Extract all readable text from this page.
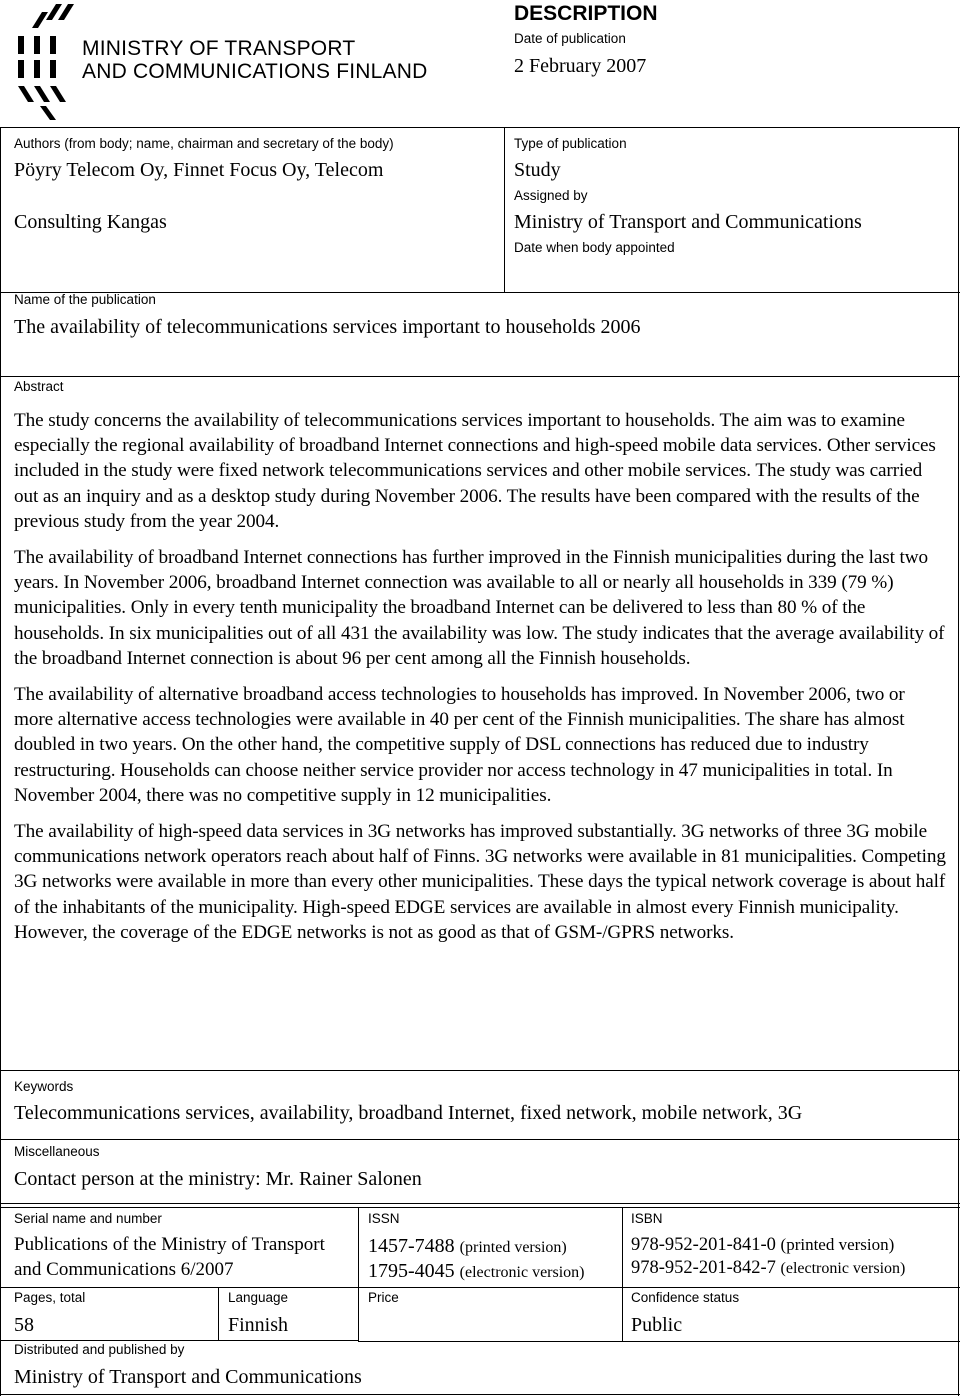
MINISTRY OF TRANSPORT
AND COMMUNICATIONS FINLAND
DESCRIPTION
Date of publication
2 February 2007
Authors (from body; name, chairman and secretary of the body)
Pöyry Telecom Oy, Finnet Focus Oy, Telecom
Consulting Kangas
Type of publication
Study
Assigned by
Ministry of Transport and Communications
Date when body appointed
Name of the publication
The availability of telecommunications services important to households 2006
Abstract

The study concerns the availability of telecommunications services important to households. The aim was to examine especially the regional availability of broadband Internet connections and high-speed mobile data services. Other services included in the study were fixed network telecommunications services and other mobile services. The study was carried out as an inquiry and as a desktop study during November 2006. The results have been compared with the results of the previous study from the year 2004.

The availability of broadband Internet connections has further improved in the Finnish municipalities during the last two years. In November 2006, broadband Internet connection was available to all or nearly all households in 339 (79 %) municipalities. Only in every tenth municipality the broadband Internet can be delivered to less than 80 % of the households. In six municipalities out of all 431 the availability was low. The study indicates that the average availability of the broadband Internet connection is about 96 per cent among all the Finnish households.

The availability of alternative broadband access technologies to households has improved. In November 2006, two or more alternative access technologies were available in 40 per cent of the Finnish municipalities. The share has almost doubled in two years. On the other hand, the competitive supply of DSL connections has reduced due to industry restructuring. Households can choose neither service provider nor access technology in 47 municipalities in total. In November 2004, there was no competitive supply in 12 municipalities.

The availability of high-speed data services in 3G networks has improved substantially. 3G networks of three 3G mobile communications network operators reach about half of Finns. 3G networks were available in 81 municipalities. Competing 3G networks were available in more than every other municipalities. These days the typical network coverage is about half of the inhabitants of the municipality. High-speed EDGE services are available in almost every Finnish municipality. However, the coverage of the EDGE networks is not as good as that of GSM-/GPRS networks.

Keywords
Telecommunications services, availability, broadband Internet, fixed network, mobile network, 3G
Miscellaneous
Contact person at the ministry: Mr. Rainer Salonen
Serial name and number
Publications of the Ministry of Transport
and Communications 6/2007
ISSN
1457-7488 (printed version)
1795-4045 (electronic version)
ISBN
978-952-201-841-0 (printed version)
978-952-201-842-7 (electronic version)
Pages, total
58
Language
Finnish
Price	Confidence status
Public
Distributed and published by
Ministry of Transport and Communications
